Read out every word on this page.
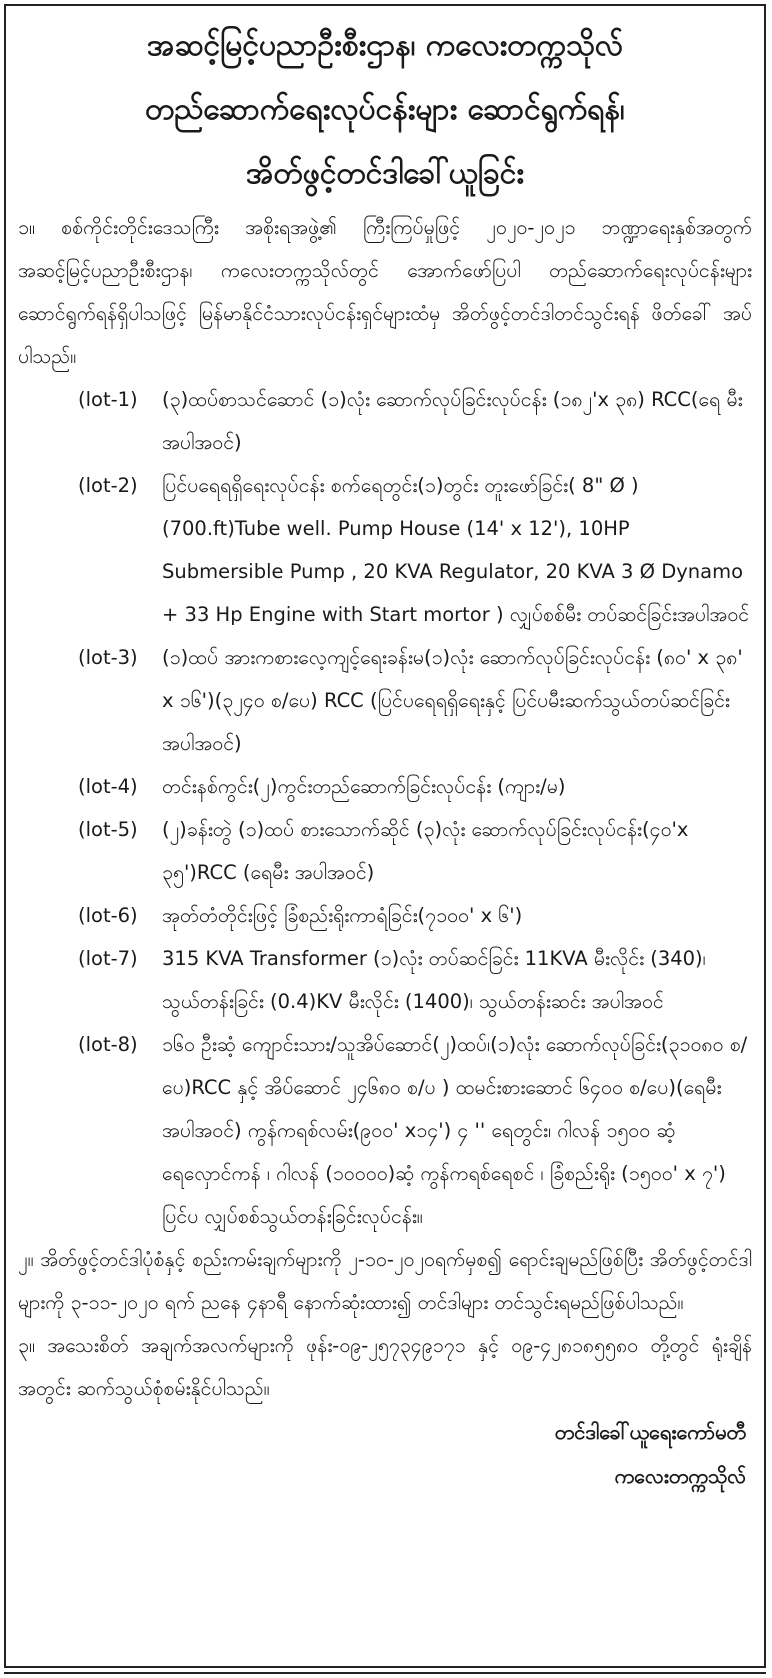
အဆင့်မြင့်ပညာဦးစီးဌာန၊ ကလေးတက္ကသိုလ်
တည်ဆောက်ရေးလုပ်ငန်းများ ဆောင်ရွက်ရန်၊
အိတ်ဖွင့်တင်ဒါခေါ်ယူခြင်း
၁။ စစ်ကိုင်းတိုင်းဒေသကြီး အစိုးရအဖွဲ့၏ ကြီးကြပ်မှုဖြင့် ၂၀၂၀-၂၀၂၁ ဘဏ္ဍာရေးနှစ်အတွက် အဆင့်မြင့်ပညာဦးစီးဌာန၊ ကလေးတက္ကသိုလ်တွင် အောက်ဖော်ပြပါ တည်ဆောက်ရေးလုပ်ငန်းများ ဆောင်ရွက်ရန်ရှိပါသဖြင့် မြန်မာနိုင်ငံသားလုပ်ငန်းရှင်များထံမှ အိတ်ဖွင့်တင်ဒါတင်သွင်းရန် ဖိတ်ခေါ် အပ်ပါသည်။
(lot-1)	(၃)ထပ်စာသင်ဆောင် (၁)လုံး ဆောက်လုပ်ခြင်းလုပ်ငန်း (၁၈၂'x ၃၈) RCC(ရေ မီး အပါအဝင်)
(lot-2)	ပြင်ပရေရရှိရေးလုပ်ငန်း စက်ရေတွင်း(၁)တွင်း တူးဖော်ခြင်း( 8" Ø ) (700.ft)Tube well. Pump House (14' x 12'), 10HP Submersible Pump , 20 KVA Regulator, 20 KVA 3 Ø Dynamo + 33 Hp Engine with Start mortor ) လျှပ်စစ်မီး တပ်ဆင်ခြင်းအပါအဝင်
(lot-3)	(၁)ထပ် အားကစားလေ့ကျင့်ရေးခန်းမ(၁)လုံး ဆောက်လုပ်ခြင်းလုပ်ငန်း (၈၀' x ၃၈' x ၁၆')(၃၂၄၀ စ/ပေ) RCC (ပြင်ပရေရရှိရေးနှင့် ပြင်ပမီးဆက်သွယ်တပ်ဆင်ခြင်းအပါအဝင်)
(lot-4)	တင်းနစ်ကွင်း(၂)ကွင်းတည်ဆောက်ခြင်းလုပ်ငန်း (ကျား/မ)
(lot-5)	(၂)ခန်းတွဲ (၁)ထပ် စားသောက်ဆိုင် (၃)လုံး ဆောက်လုပ်ခြင်းလုပ်ငန်း(၄၀'x ၃၅')RCC (ရေမီး အပါအဝင်)
(lot-6)	အုတ်တံတိုင်းဖြင့် ခြံစည်းရိုးကာရံခြင်း(၇၁၀၀' x ၆')
(lot-7)	315 KVA Transformer (၁)လုံး တပ်ဆင်ခြင်း 11KVA မီးလိုင်း (340)၊ သွယ်တန်းခြင်း (0.4)KV မီးလိုင်း (1400)၊ သွယ်တန်းဆင်း အပါအဝင်
(lot-8)	၁၆၀ ဦးဆံ့ ကျောင်းသား/သူအိပ်ဆောင်(၂)ထပ်၊(၁)လုံး ဆောက်လုပ်ခြင်း(၃၁၀၈၀ စ/ပေ)RCC နှင့် အိပ်ဆောင် ၂၄၆၈၀ စ/ပ ) ထမင်းစားဆောင် ၆၄၀၀ စ/ပေ)(ရေမီး အပါအဝင်) ကွန်ကရစ်လမ်း(၉၀၀' x၁၄') ၄ '' ရေတွင်း၊ ဂါလန် ၁၅၀၀ ဆံ့ ရေလှောင်ကန် ၊ ဂါလန် (၁၀၀၀၀)ဆံ့ ကွန်ကရစ်ရေစင် ၊ ခြံစည်းရိုး (၁၅၀၀' x ၇') ပြင်ပ လျှပ်စစ်သွယ်တန်းခြင်းလုပ်ငန်း။
၂။ အိတ်ဖွင့်တင်ဒါပုံစံနှင့် စည်းကမ်းချက်များကို ၂-၁၀-၂၀၂၀ရက်မှစ၍ ရောင်းချမည်ဖြစ်ပြီး အိတ်ဖွင့်တင်ဒါများကို ၃-၁၁-၂၀၂၀ ရက် ညနေ ၄နာရီ နောက်ဆုံးထား၍ တင်ဒါများ တင်သွင်းရမည်ဖြစ်ပါသည်။
၃။ အသေးစိတ် အချက်အလက်များကို ဖုန်း-၀၉-၂၅၇၃၄၉၁၇၁ နှင့် ၀၉-၄၂၈၁၈၅၅၈၀ တို့တွင် ရုံးချိန်အတွင်း ဆက်သွယ်စုံစမ်းနိုင်ပါသည်။
တင်ဒါခေါ်ယူရေးကော်မတီ
ကလေးတက္ကသိုလ်
